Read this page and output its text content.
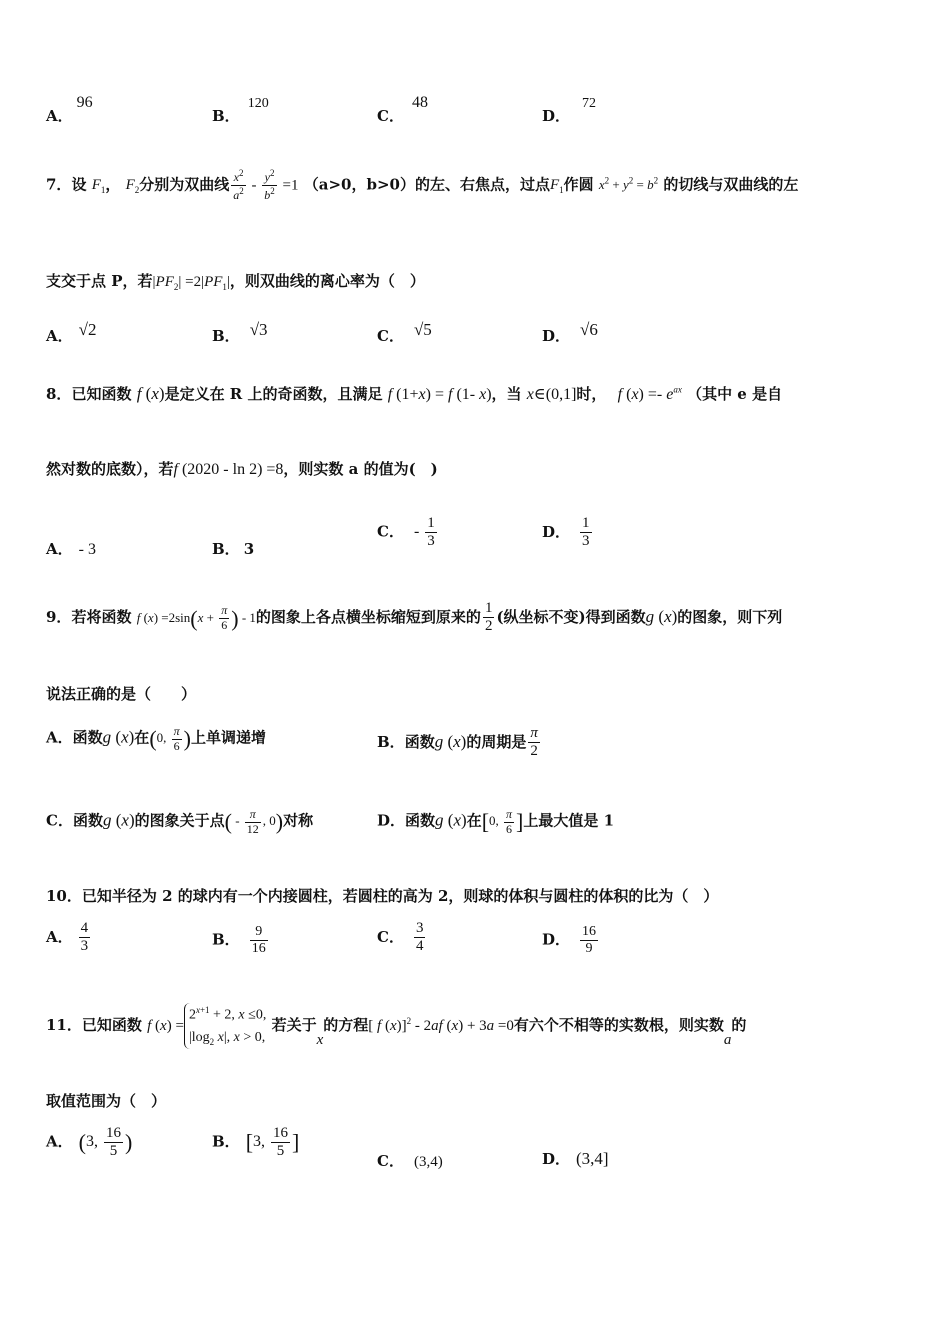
A．96
B．120
C．48
D．72
7．设 $F_1$， $F_2$分别为双曲线 $\frac{x^2}{a^2} - \frac{y^2}{b^2} =1$ （a>0，b>0）的左、右焦点，过点$F_1$作圆 $x^2 + y^2 = b^2$ 的切线与双曲线的左
支交于点 P，若$|PF_2| =2|PF_1|$，则双曲线的离心率为（　）
A． √2	B． √3	C． √5	D． √6
8．已知函数 f (x)是定义在 R 上的奇函数，且满足 f (1+x) = f (1- x)，当 x∈(0,1]时， f $(x) =- e^{ax}$ （其中 e 是自
然对数的底数），若f (2020 - ln 2) =8，则实数 a 的值为(　)
A． - 3	B． 3
C． - $\frac{1}{3}$	D． $\frac{1}{3}$
9．若将函数 f $(x) =2\sin(x + \frac{\pi}{6}$ ) - 1的图象上各点横坐标缩短到原来的 $\frac{1}{2}$ (纵坐标不变)得到函数g (x)的图象，则下列
说法正确的是（　　）
A．函数g (x)在(0, $\frac{\pi}{6}$ )上单调递增	B．函数g (x)的周期是 $\frac{\pi}{2}$
C．函数g (x)的图象关于点( - $\frac{\pi}{12}$ , 0)对称	D．函数g (x)在[0, $\frac{\pi}{6}$ ]上最大值是 1
10．已知半径为 2 的球内有一个内接圆柱，若圆柱的高为 2，则球的体积与圆柱的体积的比为（　）
A． $\frac{4}{3}$	B． $\frac{9}{16}$	C． $\frac{3}{4}$	D． $\frac{16}{9}$
11．已知函数 f (x) =
$2^{x+1} + 2$, x ≤0,
$|\log_2$ x|, x > 0,
若关于x的方程[ f (x)]$^2$ - 2af (x) + 3a =0有六个不相等的实数根，则实数a的
取值范围为（　）
A． (3, $\frac{16}{5}$ )	B． [3, $\frac{16}{5}$ ]
C． (3,4)	D． (3,4]
